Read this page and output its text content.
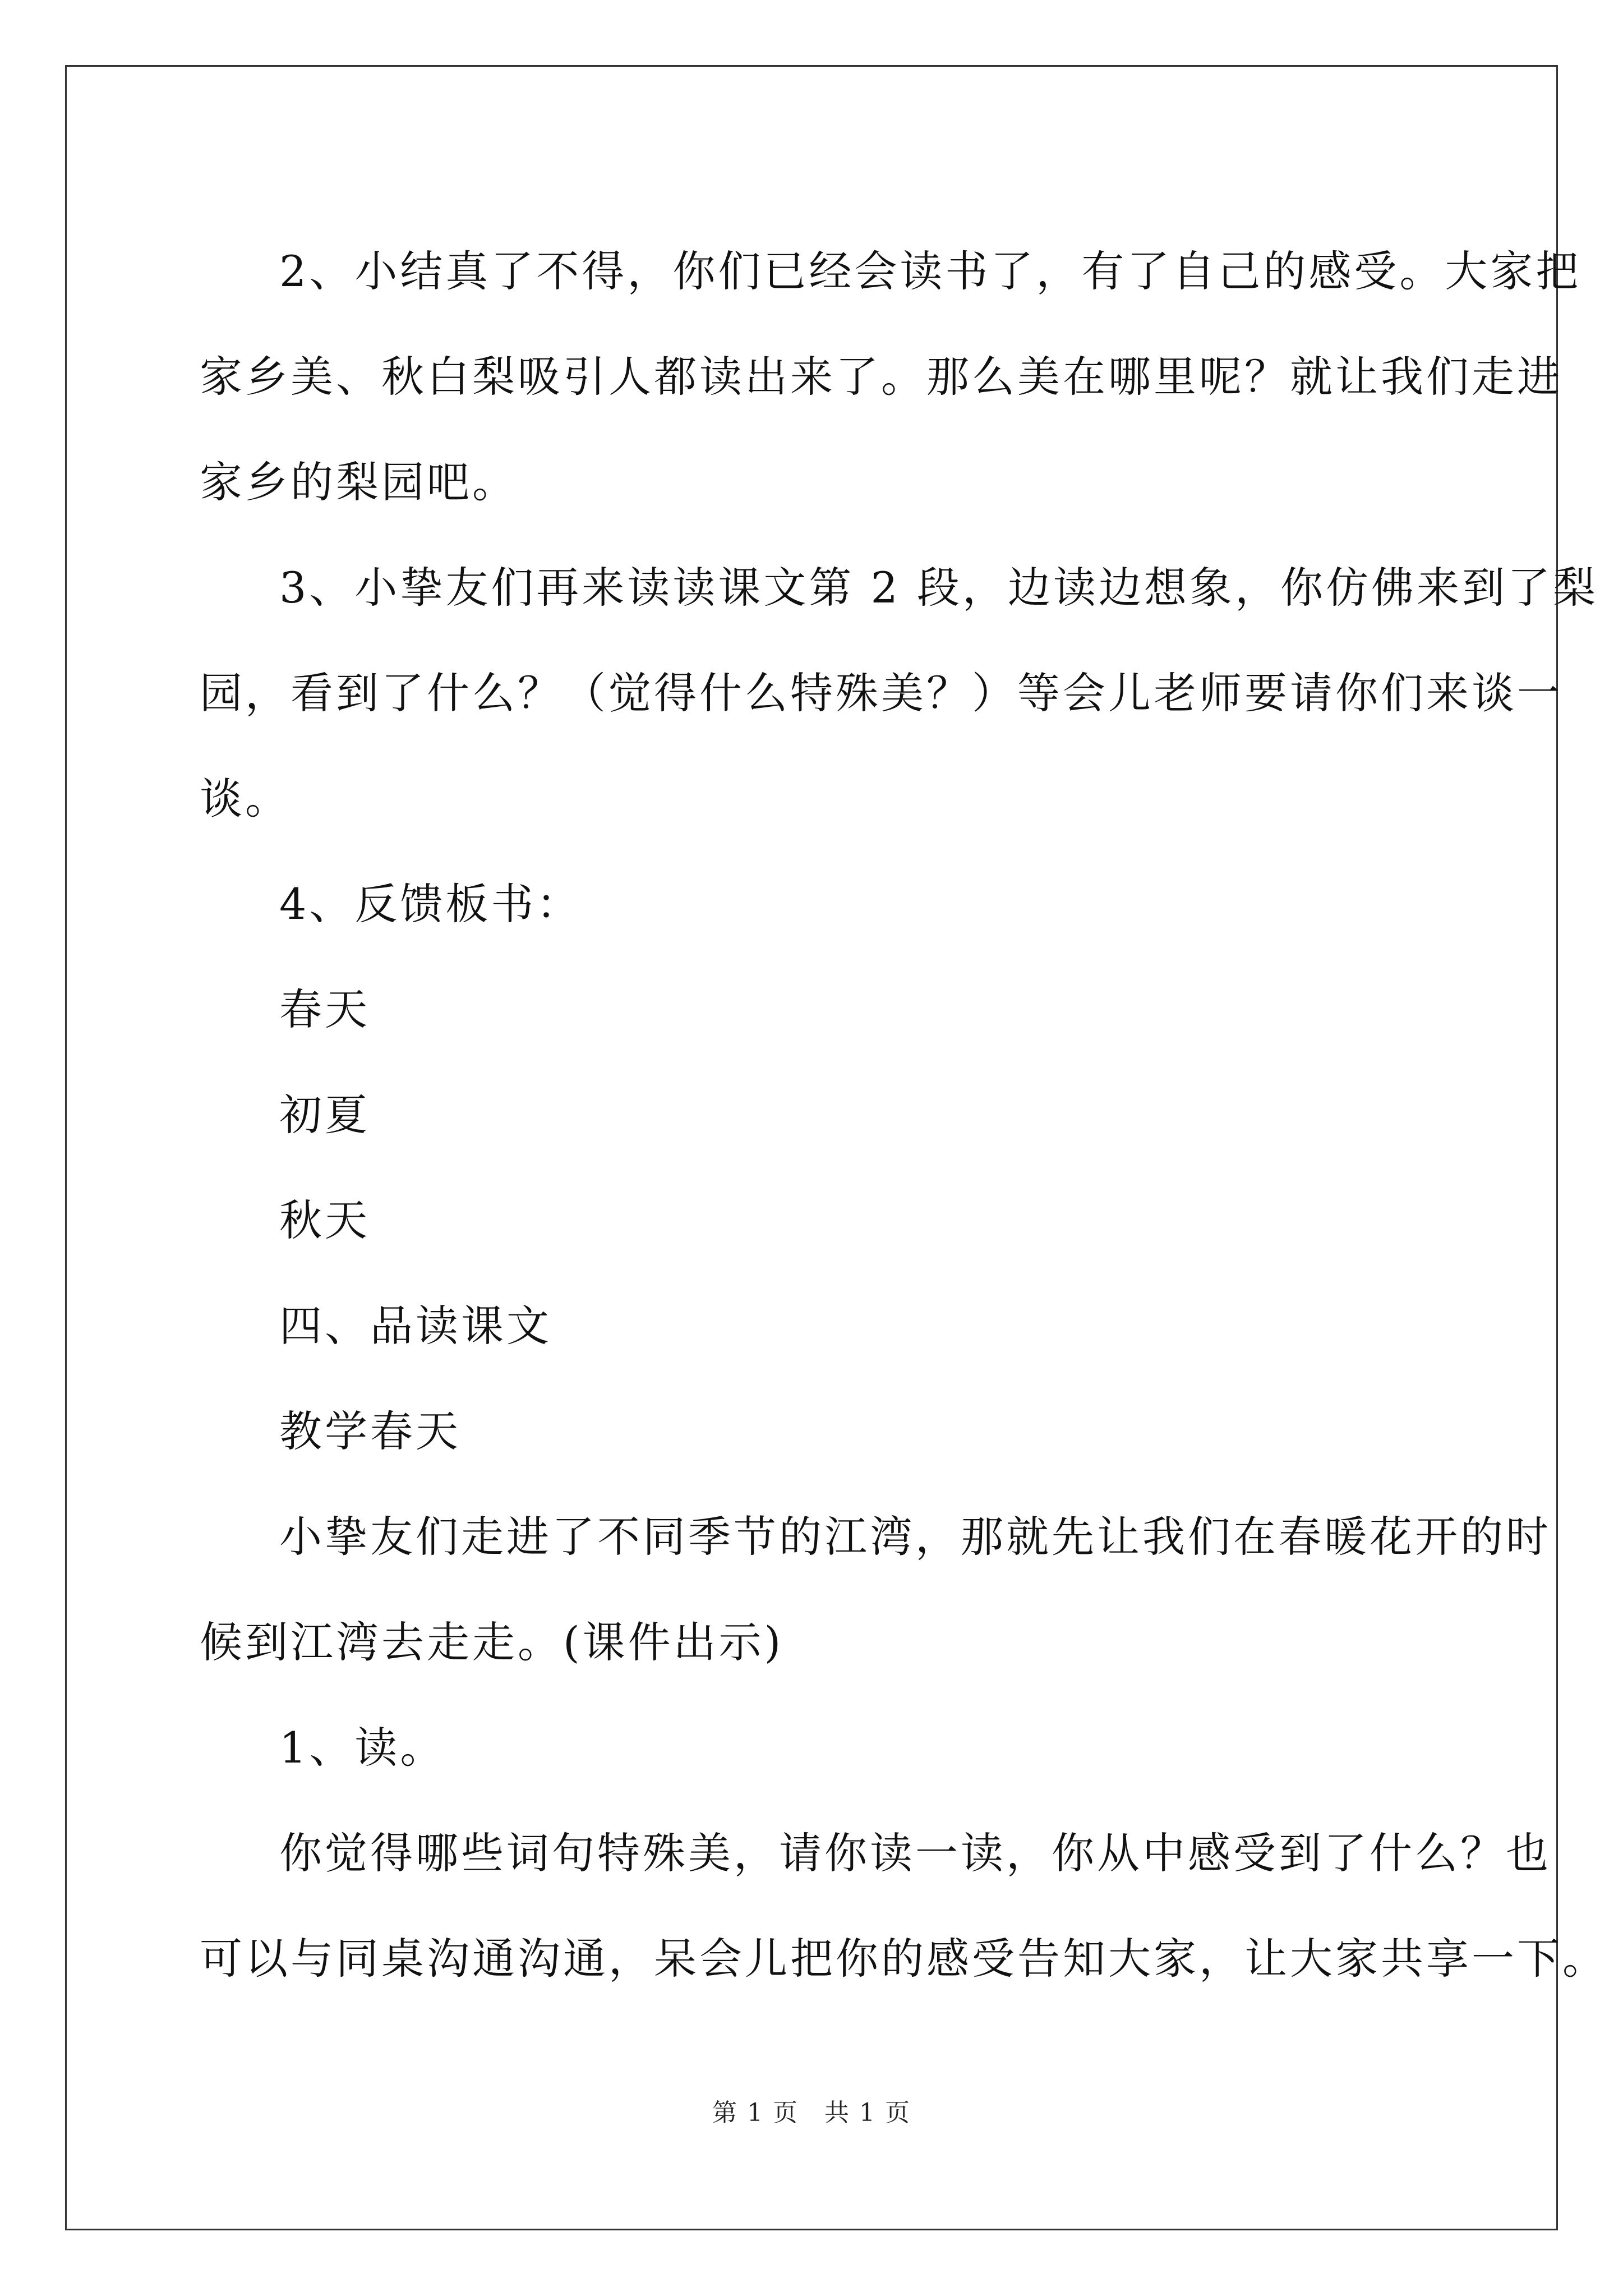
2、小结真了不得，你们已经会读书了，有了自己的感受。大家把
家乡美、秋白梨吸引人都读出来了。那么美在哪里呢？就让我们走进
家乡的梨园吧。

3、小挚友们再来读读课文第 2 段，边读边想象，你仿佛来到了梨
园，看到了什么？（觉得什么特殊美？）等会儿老师要请你们来谈一
谈。

4、反馈板书：

春天

初夏

秋天

四、品读课文

教学春天

小挚友们走进了不同季节的江湾，那就先让我们在春暖花开的时
候到江湾去走走。(课件出示)

1、读。

你觉得哪些词句特殊美，请你读一读，你从中感受到了什么？也
可以与同桌沟通沟通，呆会儿把你的感受告知大家，让大家共享一下。

第 1 页　共 1 页
